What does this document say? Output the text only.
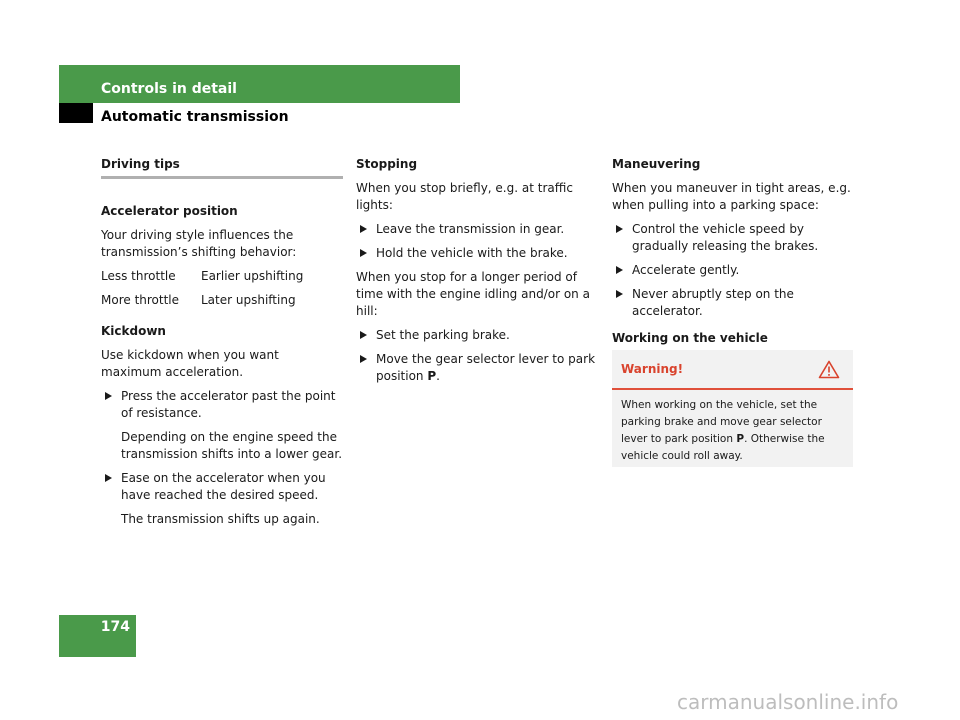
Controls in detail
Automatic transmission
Driving tips
Accelerator position

Your driving style influences the transmission’s shifting behavior:

Less throttle	Earlier upshifting
More throttle	Later upshifting
Kickdown

Use kickdown when you want maximum acceleration.

Press the accelerator past the point of resistance.
Depending on the engine speed the transmission shifts into a lower gear.
Ease on the accelerator when you have reached the desired speed.
The transmission shifts up again.
Stopping

When you stop briefly, e.g. at traffic lights:

Leave the transmission in gear.
Hold the vehicle with the brake.

When you stop for a longer period of time with the engine idling and/or on a hill:

Set the parking brake.
Move the gear selector lever to park position P.
Maneuvering

When you maneuver in tight areas, e.g. when pulling into a parking space:

Control the vehicle speed by gradually releasing the brakes.
Accelerate gently.
Never abruptly step on the accelerator.
Working on the vehicle
Warning!
When working on the vehicle, set the parking brake and move gear selector lever to park position P. Otherwise the vehicle could roll away.
174
carmanualsonline.info
